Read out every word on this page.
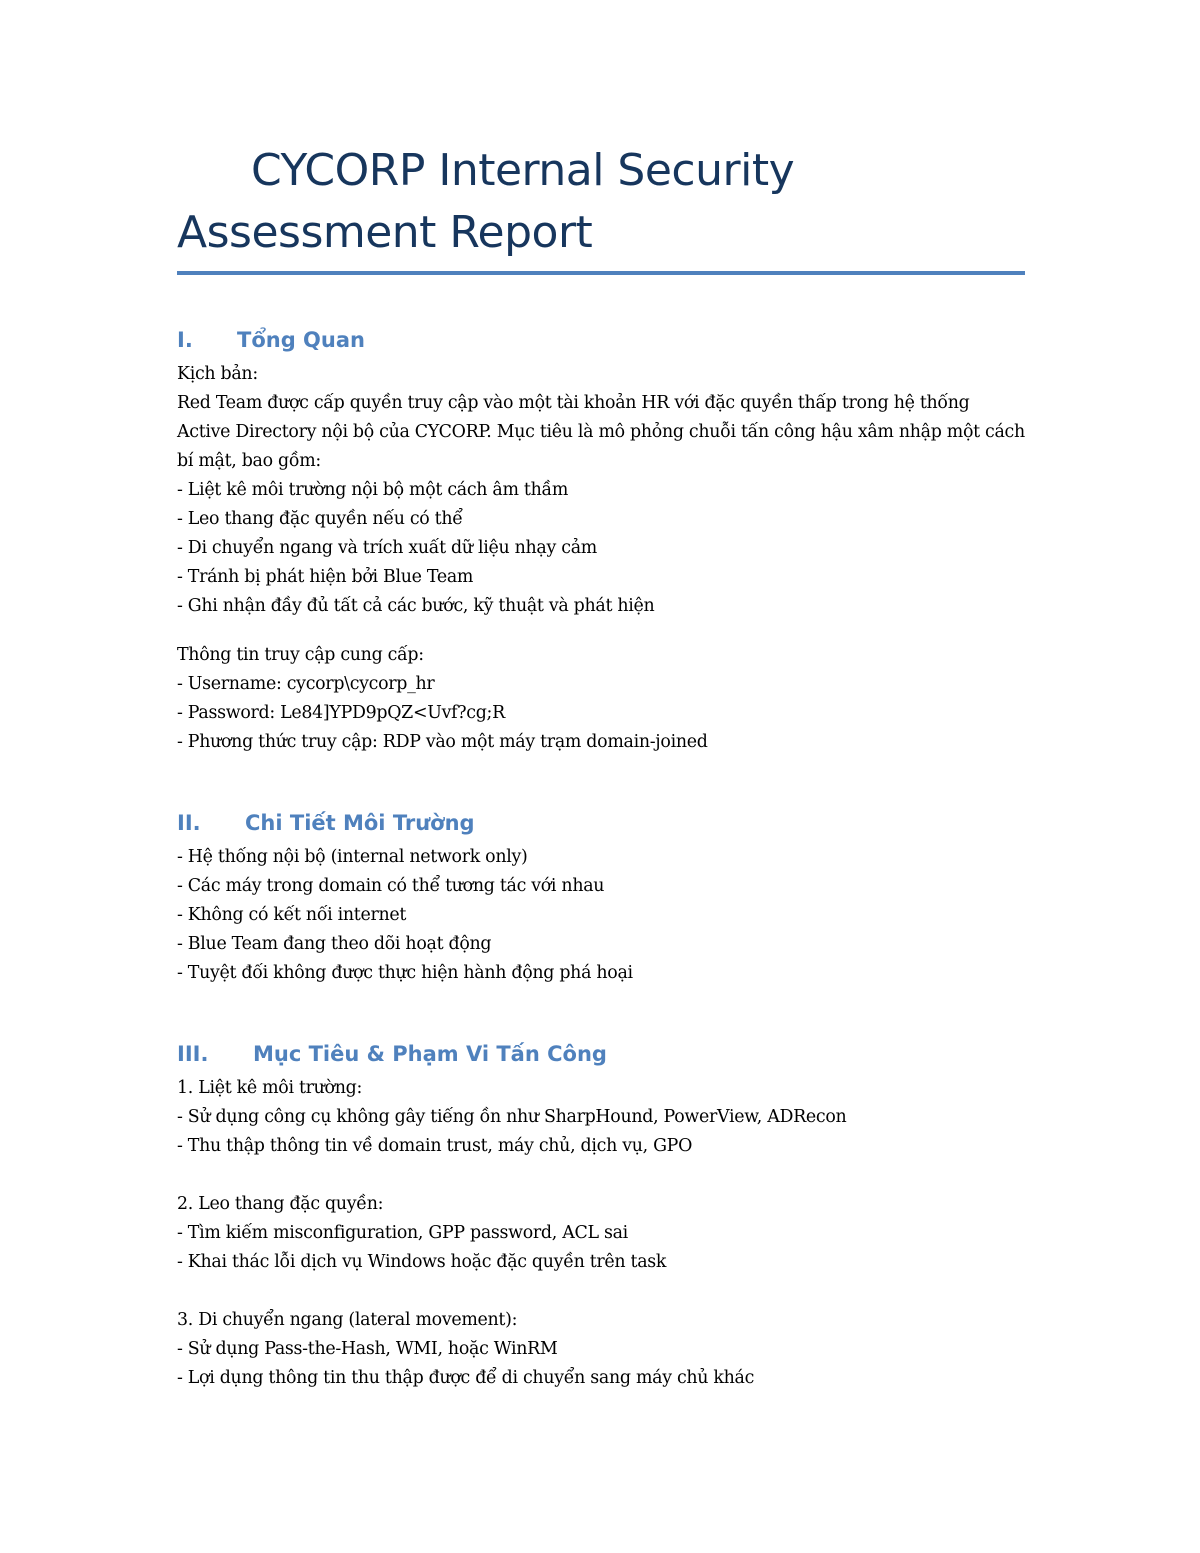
CYCORP Internal Security
Assessment Report
I. Tổng Quan

Kịch bản:

Red Team được cấp quyền truy cập vào một tài khoản HR với đặc quyền thấp trong hệ thống Active Directory nội bộ của CYCORP. Mục tiêu là mô phỏng chuỗi tấn công hậu xâm nhập một cách bí mật, bao gồm:

- Liệt kê môi trường nội bộ một cách âm thầm

- Leo thang đặc quyền nếu có thể

- Di chuyển ngang và trích xuất dữ liệu nhạy cảm

- Tránh bị phát hiện bởi Blue Team

- Ghi nhận đầy đủ tất cả các bước, kỹ thuật và phát hiện

Thông tin truy cập cung cấp:

- Username: cycorp\cycorp_hr

- Password: Le84]YPD9pQZ<Uvf?cg;R

- Phương thức truy cập: RDP vào một máy trạm domain-joined

II. Chi Tiết Môi Trường

- Hệ thống nội bộ (internal network only)

- Các máy trong domain có thể tương tác với nhau

- Không có kết nối internet

- Blue Team đang theo dõi hoạt động

- Tuyệt đối không được thực hiện hành động phá hoại

III. Mục Tiêu & Phạm Vi Tấn Công

1. Liệt kê môi trường:

- Sử dụng công cụ không gây tiếng ồn như SharpHound, PowerView, ADRecon

- Thu thập thông tin về domain trust, máy chủ, dịch vụ, GPO

2. Leo thang đặc quyền:

- Tìm kiếm misconfiguration, GPP password, ACL sai

- Khai thác lỗi dịch vụ Windows hoặc đặc quyền trên task

3. Di chuyển ngang (lateral movement):

- Sử dụng Pass-the-Hash, WMI, hoặc WinRM

- Lợi dụng thông tin thu thập được để di chuyển sang máy chủ khác
